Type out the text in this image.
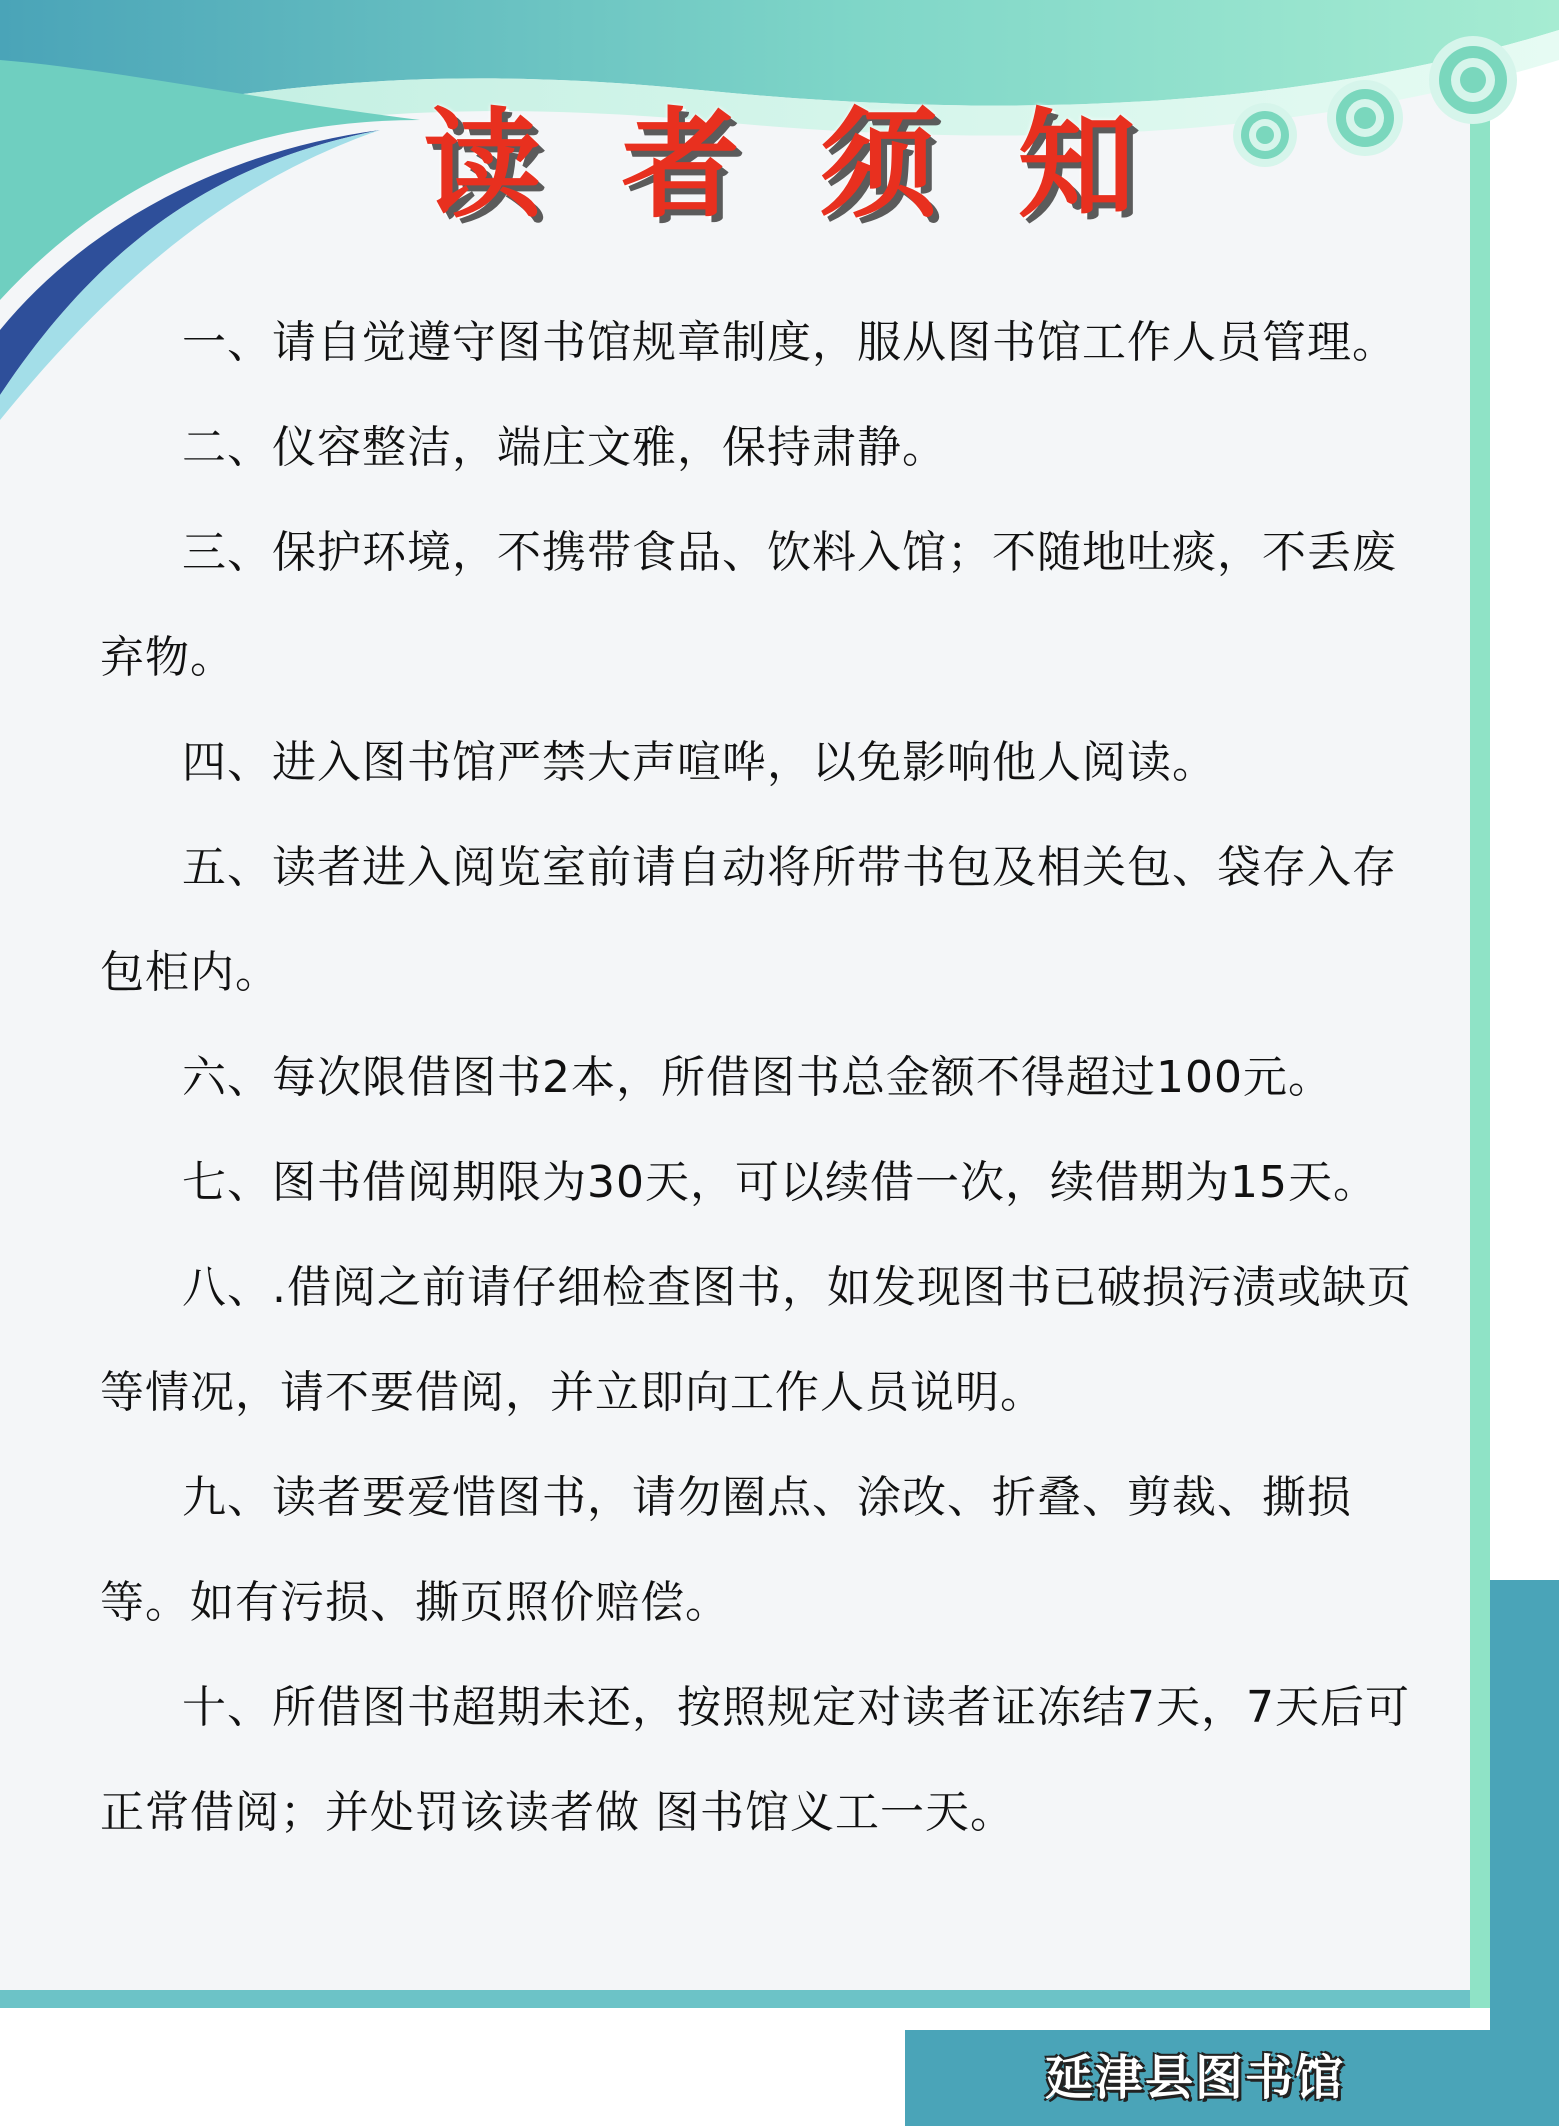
读 者 须 知

一、请自觉遵守图书馆规章制度，服从图书馆工作人员管理。

二、仪容整洁，端庄文雅，保持肃静。

三、保护环境，不携带食品、饮料入馆；不随地吐痰，不丢废弃物。

四、进入图书馆严禁大声喧哗，以免影响他人阅读。

五、读者进入阅览室前请自动将所带书包及相关包、袋存入存包柜内。

六、每次限借图书2本，所借图书总金额不得超过100元。

七、图书借阅期限为30天，可以续借一次，续借期为15天。

八、.借阅之前请仔细检查图书，如发现图书已破损污渍或缺页等情况，请不要借阅，并立即向工作人员说明。

九、读者要爱惜图书，请勿圈点、涂改、折叠、剪裁、撕损等。如有污损、撕页照价赔偿。

十、所借图书超期未还，按照规定对读者证冻结7天，7天后可正常借阅；并处罚该读者做 图书馆义工一天。

延津县图书馆
